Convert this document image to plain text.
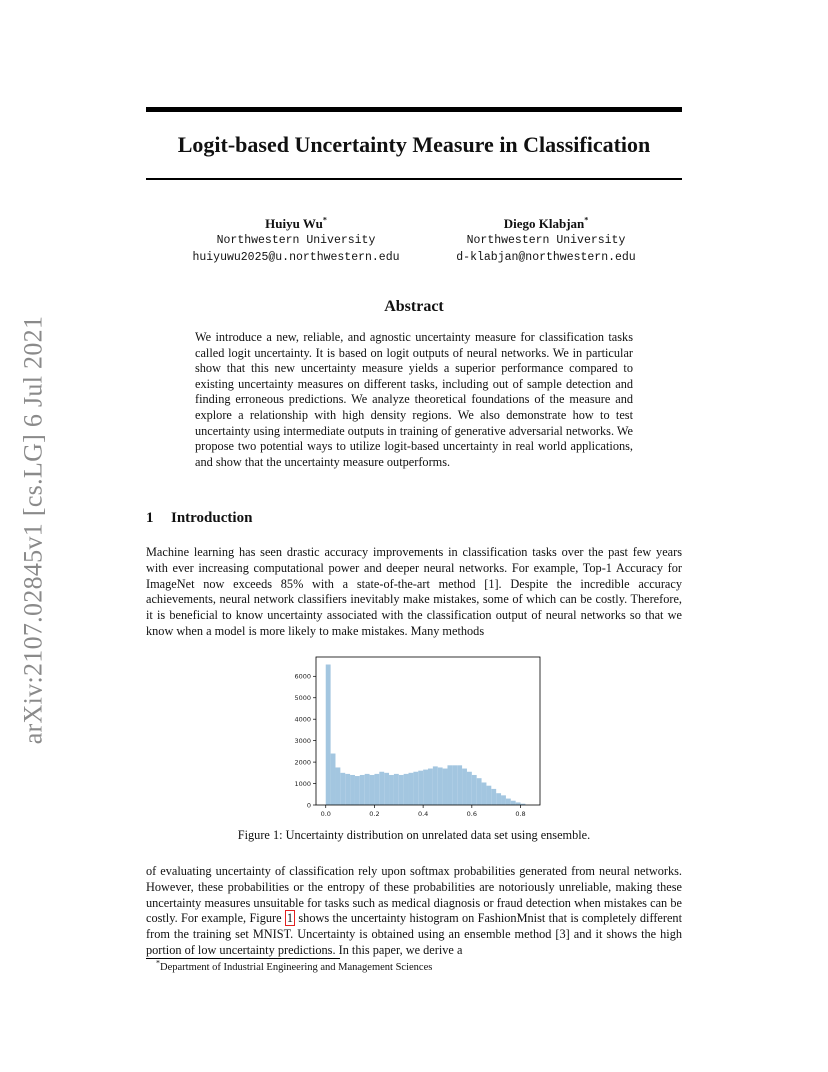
arXiv:2107.02845v1 [cs.LG] 6 Jul 2021
Logit-based Uncertainty Measure in Classification
Huiyu Wu*
Northwestern University
huiyuwu2025@u.northwestern.edu
Diego Klabjan*
Northwestern University
d-klabjan@northwestern.edu
Abstract

We introduce a new, reliable, and agnostic uncertainty measure for classification tasks called logit uncertainty. It is based on logit outputs of neural networks. We in particular show that this new uncertainty measure yields a superior performance compared to existing uncertainty measures on different tasks, including out of sample detection and finding erroneous predictions. We analyze theoretical foundations of the measure and explore a relationship with high density regions. We also demonstrate how to test uncertainty using intermediate outputs in training of generative adversarial networks. We propose two potential ways to utilize logit-based uncertainty in real world applications, and show that the uncertainty measure outperforms.

1 Introduction

Machine learning has seen drastic accuracy improvements in classification tasks over the past few years with ever increasing computational power and deeper neural networks. For example, Top-1 Accuracy for ImageNet now exceeds 85% with a state-of-the-art method [1]. Despite the incredible accuracy achievements, neural network classifiers inevitably make mistakes, some of which can be costly. Therefore, it is beneficial to know uncertainty associated with the classification output of neural networks so that we know when a model is more likely to make mistakes. Many methods

0.0	0.2	0.4	0.6	0.8
0
1000
2000
3000
4000
5000
6000

Figure 1: Uncertainty distribution on unrelated data set using ensemble.

of evaluating uncertainty of classification rely upon softmax probabilities generated from neural networks. However, these probabilities or the entropy of these probabilities are notoriously unreliable, making these uncertainty measures unsuitable for tasks such as medical diagnosis or fraud detection when mistakes can be costly. For example, Figure 1 shows the uncertainty histogram on FashionMnist that is completely different from the training set MNIST. Uncertainty is obtained using an ensemble method [3] and it shows the high portion of low uncertainty predictions. In this paper, we derive a

*Department of Industrial Engineering and Management Sciences
